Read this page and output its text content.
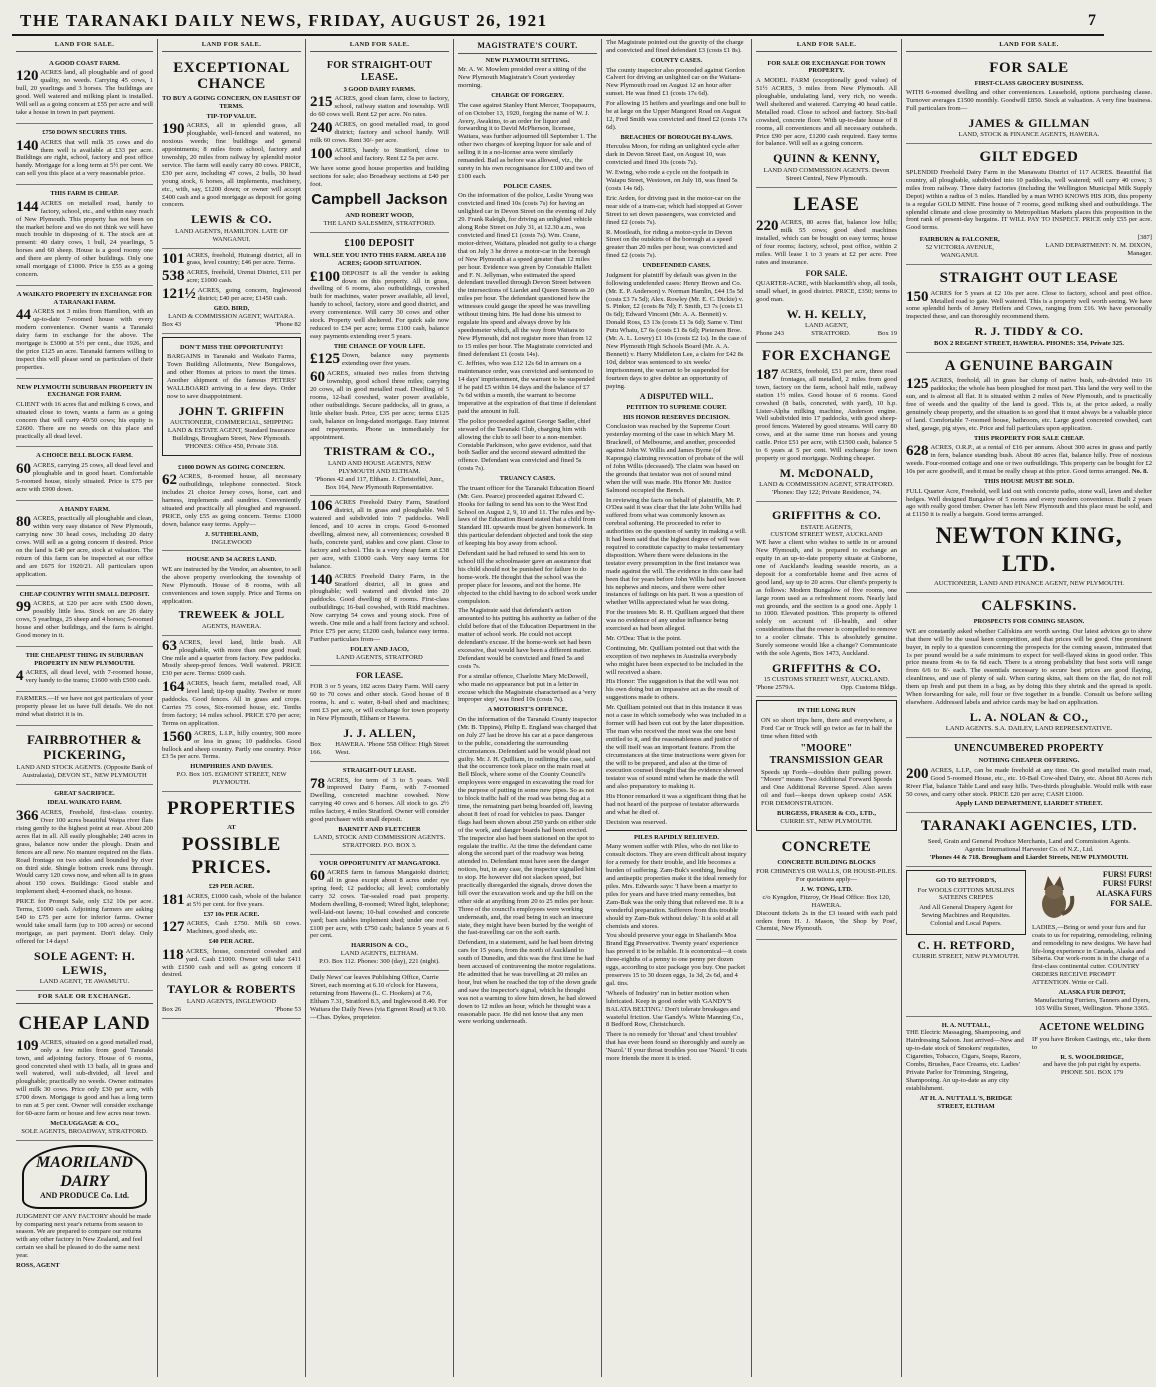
THE TARANAKI DAILY NEWS, FRIDAY, AUGUST 26, 1921	7
LAND FOR SALE.
A GOOD COAST FARM.

120 ACRES land, all ploughable and of good quality, no weeds. Carrying 45 cows, 1 bull, 20 yearlings and 3 horses. The buildings are good. Well watered and milking plant is installed. Will sell as a going concern at £55 per acre and will take a house in town in part payment.

£750 DOWN SECURES THIS.

140 ACRES that will milk 35 cows and do them well is available at £33 per acre. Buildings are right, school, factory and post office handy. Mortgage for a long term at 5½ per cent. We can sell you this place at a very reasonable price.

THIS FARM IS CHEAP.

144 ACRES on metalled road, handy to factory, school, etc., and within easy reach of New Plymouth. This property has not been on the market before and we do not think we will have much trouble in disposing of it. The stock are at present: 40 dairy cows, 1 bull, 24 yearlings, 5 horses and 60 sheep. House is a good roomy one and there are plenty of other buildings. Only one small mortgage of £1000. Price is £55 as a going concern.

A WAIKATO PROPERTY IN EXCHANGE FOR A TARANAKI FARM.

44 ACRES not 3 miles from Hamilton, with an up-to-date 7-roomed house with every modern convenience. Owner wants a Taranaki dairy farm in exchange for the above. The mortgage is £3000 at 5½ per cent., due 1926, and the price £125 an acre. Taranaki farmers willing to inspect this will please send us particulars of their properties.

NEW PLYMOUTH SUBURBAN PROPERTY IN EXCHANGE FOR FARM.

CLIENT with 16 acres flat and milking 6 cows, and situated close to town, wants a farm as a going concern that will carry 40/50 cows; his equity is £2600. There are no weeds on this place and practically all dead level.

A CHOICE BELL BLOCK FARM.

60 ACRES, carrying 25 cows, all dead level and ploughable and in good heart. Comfortable 5-roomed house, nicely situated. Price is £75 per acre with £900 down.

A HANDY FARM.

80 ACRES, practically all ploughable and clean, within very easy distance of New Plymouth, carrying now 30 head cows, including 20 dairy cows. Will sell as a going concern if desired. Price on the land is £40 per acre, stock at valuation. The return of this farm can be inspected at our office and are £675 for 1920/21. All particulars upon application.

CHEAP COUNTRY WITH SMALL DEPOSIT.

99 ACRES, at £20 per acre with £500 down, possibly little less. Stock on are 26 dairy cows, 5 yearlings, 25 sheep and 4 horses; 5-roomed house and other buildings, and the farm is alright. Good money in it.

THE CHEAPEST THING IN SUBURBAN PROPERTY IN NEW PLYMOUTH.

4 ACRES, all dead level, with 7-roomed house, very handy to the trams; £1600 with £500 cash.

FARMERS.—If we have not got particulars of your property please let us have full details. We do not mind what district it is in.

FAIRBROTHER & PICKERING,
LAND AND STOCK AGENTS. (Opposite Bank of Australasia), DEVON ST., NEW PLYMOUTH
GREAT SACRIFICE.
IDEAL WAIKATO FARM.

366 ACRES, Freehold, first-class country. Over 100 acres beautiful Waipa river flats rising gently to the highest point at rear. About 200 acres flat in all. All easily ploughable; 240 acres in grass, balance now under the plough. Drain and fences are all new. No manure required on the flats. Road frontage on two sides and bounded by river on third side. Shingle bottom creek runs through. Would carry 120 cows now, and when all is in grass about 150 cows. Buildings: Good stable and implement shed; 4-roomed shack, no house.

PRICE for Prompt Sale, only £32 10s per acre. Terms, £1000 cash. Adjoining farmers are asking £40 to £75 per acre for inferior farms. Owner would take small farm (up to 100 acres) or second mortgage, as part payment. Don't delay. Only offered for 14 days!

SOLE AGENT: H. LEWIS,
LAND AGENT, TE AWAMUTU.
FOR SALE OR EXCHANGE.
CHEAP LAND

109 ACRES, situated on a good metalled road, only a few miles from good Taranaki town, and adjoining factory. House of 6 rooms, good concreted shed with 13 bails, all in grass and well watered, well sub-divided, all level and ploughable; practically no weeds. Owner estimates will milk 30 cows. Price only £30 per acre, with £700 down. Mortgage is good and has a long term to run at 5 per cent. Owner will consider exchange for 60-acre farm or house and few acres near town.

McCLUGGAGE & CO.,
SOLE AGENTS, BROADWAY, STRATFORD.
MAORILAND DAIRY
AND PRODUCE Co. Ltd.

JUDGMENT OF ANY FACTORY should be made by comparing next year's returns from season to season. We are prepared to compare our returns with any other factory in New Zealand, and feel certain we shall be pleased to do the same next year.

ROSS, AGENT

LAND FOR SALE.
EXCEPTIONAL CHANCE
TO BUY A GOING CONCERN, ON EASIEST OF TERMS.
TIP-TOP VALUE.

190 ACRES, all in splendid grass, all ploughable, well-fenced and watered, no noxious weeds; fine buildings and general appointments; 8 miles from school, factory and township, 20 miles from railway by splendid motor service. The farm will easily carry 80 cows. PRICE, £30 per acre, including 47 cows, 2 bulls, 30 head young stock, 6 horses, all implements, machinery, etc., with, say, £1200 down; or owner will accept £400 cash and a good mortgage as deposit for going concern.

LEWIS & CO.
LAND AGENTS, HAMILTON. LATE OF WANGANUI.

101 ACRES, freehold, Huirangi district, all in grass, level country; £46 per acre. Terms.

538 ACRES, freehold, Urenui District, £11 per acre; £1000 cash.

121½ ACRES, going concern, Inglewood district; £40 per acre; £1450 cash.

GEO. BIRD,
LAND & COMMISSION AGENT, WAITARA.
Box 43	'Phone 82
DON'T MISS THE OPPORTUNITY!

BARGAINS in Taranaki and Waikato Farms, Town Building Allotments, New Bungalows, and other Homes at prices to meet the times. Another shipment of the famous PETERS' WALLBOARD arriving in a few days. Order now to save disappointment.

JOHN T. GRIFFIN
AUCTIONEER, COMMERCIAL, SHIPPING LAND & ESTATE AGENT, Standard Insurance Buildings, Brougham Street, New Plymouth. 'PHONES: Office 450, Private 318.
£1000 DOWN AS GOING CONCERN.

62 ACRES, 8-roomed house, all necessary outbuildings, telephone connected. Stock includes 21 choice Jersey cows, horse, cart and harness, implements and sundries. Conveniently situated and practically all ploughed and regrassed. PRICE, only £55 as going concern. Terms: £1000 down, balance easy terms. Apply—

J. SUTHERLAND,
INGLEWOOD
HOUSE AND 34 ACRES LAND.

WE are instructed by the Vendor, an absentee, to sell the above property overlooking the township of New Plymouth. House of 8 rooms, with all conveniences and town supply. Price and Terms on application.

TREWEEK & JOLL
AGENTS, HAWERA.

63 ACRES, level land, little bush. All ploughable, with more than one good road; One mile and a quarter from factory. Few paddocks. Mostly sheep-proof fences. Well watered. PRICE £30 per acre. Terms: £600 cash.

164 ACRES, beach farm, metalled road, All level land; tip-top quality. Twelve or more paddocks. Good fences. All in grass and crops. Carries 75 cows, Six-roomed house, etc. Tenths from factory; 14 miles school. PRICE £70 per acre; Terms on application.

1560 ACRES, L.I.P., hilly country, 900 more or less in grass; 10 paddocks. Good bullock and sheep country. Partly one country. Price £3 5s per acre. Terms.

HUMPHRIES AND DAVIES.
P.O. Box 105. EGMONT STREET, NEW PLYMOUTH.
PROPERTIES
AT
POSSIBLE PRICES.
£29 PER ACRE.

181 ACRES, £1000 cash, whole of the balance at 5½ per cent. for five years.

£37 10s PER ACRE.

127 ACRES, Cash £750. Milk 60 cows. Machines, good sheds, etc.

£40 PER ACRE.

118 ACRES, house, concreted cowshed and yard. Cash £1000. Owner will take £411 with £1500 cash and sell as going concern if desired.

TAYLOR & ROBERTS
LAND AGENTS, INGLEWOOD
Box 26	'Phone 53
LAND FOR SALE.
FOR STRAIGHT-OUT LEASE.
3 GOOD DAIRY FARMS.

215 ACRES, good clean farm, close to factory, school, railway station and township. Will do 60 cows well. Rent £2 per acre. No rates.

240 ACRES, on good metalled road, in good district; factory and school handy. Will milk 60 cows. Rent 30/- per acre.

100 ACRES, handy to Stratford, close to school and factory. Rent £2 5s per acre.

We have some good house properties and building sections for sale; also Broadway sections at £40 per foot.

Campbell Jackson
AND ROBERT WOOD,
THE LAND SALESMEN, STRATFORD.
£100 DEPOSIT
WILL SEE YOU INTO THIS FARM. AREA 110 ACRES; GOOD SITUATION.

£100 DEPOSIT is all the vendor is asking down on this property. All in grass, dwelling of 6 rooms, also outbuildings, cowshed built for machines, water power available, all level, handy to school, factory, store and good district, and every convenience. Will carry 30 cows and other stock. Property well sheltered. For quick sale now reduced to £34 per acre; terms £100 cash, balance easy payments extending over 5 years.

THE CHANCE OF YOUR LIFE.

£125 Down, balance easy payments extending over five years.

60 ACRES, situated two miles from thriving township, good school three miles; carrying 20 cows, all in good metalled road. Dwelling of 5 rooms, 12-bail cowshed, water power available, other outbuildings. Secure paddocks, all in grass, a little shelter bush. Price, £35 per acre; terms £125 cash, balance on long-dated mortgage. Easy interest and repayments. Phone us immediately for appointment.

TRISTRAM & CO.,
LAND AND HOUSE AGENTS, NEW PLYMOUTH AND ELTHAM.
'Phones 42 and 117, Eltham. J. Christoffel, Junr., Box 164, New Plymouth Representative.

106 ACRES Freehold Dairy Farm, Stratford district, all in grass and ploughable. Well watered and subdivided into 7 paddocks. Well fenced, and 10 acres in crops. Good 6-roomed dwelling, almost new, all conveniences; cowshed 8 bails, concrete yard, stables and cow plant. Close to factory and school. This is a very cheap farm at £38 per acre, with £1000 cash. Very easy terms for balance.

140 ACRES Freehold Dairy Farm, in the Stratford district, all in grass and ploughable; well watered and divided into 20 paddocks. Good dwelling of 8 rooms. First-class outbuildings; 16-bail cowshed, with Ridd machines. Now carrying 54 cows and young stock. Free of weeds. One mile and a half from factory and school. Price £75 per acre; £1200 cash, balance easy terms. Further particulars from—

FOLEY AND JACO,
LAND AGENTS, STRATFORD
FOR LEASE.

FOR 3 or 5 years, 182 acres Dairy Farm. Will carry 60 to 70 cows and other stock. Good house of 8 rooms, h. and c. water, 8-bail shed and machines; rent £3 per acre, or will exchange for town property in New Plymouth, Eltham or Hawera.

J. J. ALLEN,
Box 166.
HAWERA. 'Phone 558 Office: High Street West.
STRAIGHT-OUT LEASE.

78 ACRES, for term of 3 to 5 years. Well improved Dairy Farm, with 7-roomed Dwelling, concreted machine cowshed. Now carrying 40 cows and 6 horses. All stock to go. 2½ miles factory, 4 miles Stratford. Owner will consider good purchaser with small deposit.

BARNITT AND FLETCHER
LAND, STOCK AND COMMISSION AGENTS.
STRATFORD. P.O. BOX 3.
YOUR OPPORTUNITY AT MANGATOKI.

60 ACRES farm in famous Mangatoki district; all in grass except about 8 acres under rye spring feed; 12 paddocks; all level; comfortably carry 32 cows. Tar-sealed road past property. Modern dwelling, 8-roomed; Wired light, telephone; well-laid-out lawns; 10-bail cowshed and concrete yard; barn stables implement shed; under one roof. £100 per acre, with £750 cash; balance 5 years at 6 per cent.

HARRISON & CO.,
LAND AGENTS, ELTHAM.
P.O. Box 112. Phones: 300 (day), 221 (night).

Daily News' car leaves Publishing Office, Currie Street, each morning at 6.10 o'clock for Hawera, returning from Hawera (L. C. Hookers) at 7.6, Eltham 7.31, Stratford 8.3, and Inglewood 8.40. For Waitara the Daily News (via Egmont Road) at 9.10.—Chas. Dykes, proprietor.

MAGISTRATE'S COURT.
NEW PLYMOUTH SITTING.

Mr. A. W. Mowlem presided over a sitting of the New Plymouth Magistrate's Court yesterday morning.

CHARGE OF FORGERY.

The case against Stanley Hunt Mercer, Toopapaurrs, of on October 13, 1920, forging the name of W. J. Avery, Awakino, to an order for liquor and forwarding it to David McPherson, licensee, Waitara, was further adjourned till September 1. The other two charges of keeping liquor for sale and of selling it in a no-license area were similarly remanded. Bail as before was allowed, viz., the surety in his own recognisance for £100 and two of £100 each.

POLICE CASES.

On the information of the police, Leslie Young was convicted and fined 10s (costs 7s) for having an unlighted car in Devon Street on the evening of July 29. Frank Raleigh, for driving an unlighted vehicle along Robe Street on July 31, at 12.30 a.m., was convicted and fined £1 (costs 7s). Wm. Crane, motor-driver, Waitara, pleaded not guilty to a charge that on July 3 he drove a motor-car in the borough of New Plymouth at a speed greater than 12 miles per hour. Evidence was given by Constable Hallett and F. N. Jellyman, who estimated the speed defendant travelled through Devon Street between the intersections of Liardet and Queen Streets as 20 miles per hour. The defendant questioned how the witnesses could gauge the speed he was travelling without timing him. He had done his utmost to regulate his speed and always drove by his speedometer which, all the way from Waitara to New Plymouth, did not register more than from 12 to 15 miles per hour. The Magistrate convicted and fined defendant £1 (costs 14s).

C. Jeffries, who was £12 12s 6d in arrears on a maintenance order, was convicted and sentenced to 14 days' imprisonment, the warrant to be suspended if he paid £5 within 14 days and the balance of £7 7s 6d within a month, the warrant to become imperative at the expiration of that time if defendant paid the amount in full.

The police proceeded against George Sadler, chief steward of the Taranaki Club, charging him with allowing the club to sell beer to a non-member. Constable Parkinson, who gave evidence, said that both Sadler and the second steward admitted the offence. Defendant was convicted and fined 5s (costs 7s).

TRUANCY CASES.

The truant officer for the Taranaki Education Board (Mr. Geo. Pearce) proceeded against Edward C. Hooks for failing to send his son to the West End School on August 2, 9, 10 and 11. The rules and by-laws of the Education Board stated that a child from Standard III. upwards must be given homework. In this particular defendant objected and took the step of keeping his boy away from school.

Defendant said he had refused to send his son to school till the schoolmaster gave an assurance that his child should not be punished for failure to do home-work. He thought that the school was the proper place for lessons, and not the home. He objected to the child having to do school work under compulsion.

The Magistrate said that defendant's action amounted to his putting his authority as father of the child before that of the Education Department in the matter of school work. He could not accept defendant's excuse. If the home-work set had been excessive, that would have been a different matter. Defendant would be convicted and fined 5s and costs 7s.

For a similar offence, Charlotte Mary McDowell, who made no appearance but put in a letter in excuse which the Magistrate characterised as a 'very improper step', was fined 10s (costs 7s).

A MOTORIST'S OFFENCE.

On the information of the Taranaki County inspector (Mr. B. Tippins), Philip E. England was charged that on July 27 last he drove his car at a pace dangerous to the public, considering the surrounding circumstances. Defendant said he would plead not guilty. Mr. J. H. Quilliam, in outlining the case, said that the occurrence took place on the main road at Bell Block, where some of the County Council's employees were engaged in excavating the road for the purpose of putting in some new pipes. So as not to block traffic half of the road was being dug at a time, the remaining part being boarded off, leaving about 8 feet of road for vehicles to pass. Danger flags had been shown about 250 yards on either side of the work, and danger boards had been erected. The inspector also had been stationed on the spot to regulate the traffic. At the time the defendant came along the second part of the roadway was being attended to. Defendant must have seen the danger notices, but, in any case, the inspector signalled him to stop. He however did not slacken speed, but practically disregarded the signals, drove down the hill over the excavation work and up the hill on the other side at anything from 20 to 25 miles per hour. Three of the council's employees were working underneath, and, the road being in such an insecure state, they might have been buried by the weight of the fast-travelling car on the soft earth.

Defendant, in a statement, said he had been driving cars for 15 years, from the north of Auckland to south of Dunedin, and this was the first time he had been accused of contravening the motor regulations. He admitted that he was travelling at 20 miles an hour, but when he reached the top of the down grade and saw the inspector's signal, which he thought was not a warning to slow him down, he had slowed down to 12 miles an hour, which he thought was a reasonable pace. He did not know that any men were working underneath.

The Magistrate pointed out the gravity of the charge and convicted and fined defendant £3 (costs £1 8s).

COUNTY CASES.

The county inspector also proceeded against Gordon Calvert for driving an unlighted car on the Waitara-New Plymouth road on August 12 an hour after sunset. He was fined £1 (costs 17s 6d).

For allowing 15 heifers and yearlings and one bull to be at large on the Upper Mangorei Road on August 12, Fred Smith was convicted and fined £2 (costs 17s 6d).

BREACHES OF BOROUGH BY-LAWS.

Herculea Moon, for riding an unlighted cycle after dark in Devon Street East, on August 10, was convicted and fined 10s (costs 7s).

W. Ewing, who rode a cycle on the footpath in Waiapu Street, Westown, on July 18, was fined 5s (costs 14s 6d).

Eric Arden, for driving past in the motor-car on the near side of a tram-car, which had stopped at Gover Street to set down passengers, was convicted and fined £2 (costs 7s).

R. Mostleath, for riding a motor-cycle in Devon Street on the outskirts of the borough at a speed greater than 20 miles per hour, was convicted and fined £2 (costs 7s).

UNDEFENDED CASES.

Judgment for plaintiff by default was given in the following undefended cases: Henry Brown and Co. (Mr. E. P. Anderson) v. Norman Hamlin, £44 15s 5d (costs £3 7s 5d); Alex. Rowley (Mr. E. C. Dickie) v. S. Pinker, £2 (costs 8s 7d); F. Smith, £3 7s (costs £1 0s 6d); Edward Vincent (Mr. A. A. Bennett) v. Donald Ross, £3 13s (costs £1 3s 6d); Same v. Timi Putu Whatu, £7 6s (costs £1 8s 6d); Pietersen Broe. (Mr. A. L. Lowry) £1 10s (costs £2 1s). In the case of New Plymouth High Schools Board (Mr. A. A. Bennett) v. Harry Middleton Lee, a claim for £42 8s 10d, debtor was sentenced to six weeks' imprisonment, the warrant to be suspended for fourteen days to give debtor an opportunity of paying.

A DISPUTED WILL.
PETITION TO SUPREME COURT.
HIS HONOR RESERVES DECISION.

Conclusion was reached by the Supreme Court yesterday morning of the case in which Mary M. Bracknell, of Melbourne, and another, proceeded against John W. Willis and James Byrne (of Kaponga) claiming revocation of probate of the will of John Willis (deceased). The claim was based on the grounds that testator was not of sound mind when the will was made. His Honor Mr. Justice Salmond occupied the Bench.

In reviewing the facts on behalf of plaintiffs, Mr. P. O'Dea said it was clear that the late John Willis had suffered from what was commonly known as cerebral softening. He proceeded to refer to authorities on the question of sanity in making a will. It had been said that the highest degree of will was required to constitute capacity to make testamentary disposition. Where there were delusions in the testator every presumption in the first instance was made against the will. The evidence in this case had been that for years before John Willis had not known his nephews and nieces, and there were other instances of failings on his part. It was a question of whether Willis appreciated what he was doing.

For the trustees Mr. R. H. Quilliam argued that there was no evidence of any undue influence being exercised as had been alleged.

Mr. O'Dea: That is the point.

Continuing, Mr. Quilliam pointed out that with the exception of two nephews in Australia everybody who might have been expected to be included in the will received a share.

His Honor: The suggestion is that the will was not his own doing but an impassive act as the result of suggestions made to others.

Mr. Quilliam pointed out that in this instance it was not a case in which somebody who was included in a former will had been cut out by the later disposition. The man who received the most was the one best entitled to it, and the reasonableness and justice of the will itself was an important feature. From the circumstances at the time instructions were given for the will to be prepared, and also at the time of execution counsel thought that the evidence showed testator was of sound mind when he made the will and also preparatory to making it.

His Honor remarked it was a significant thing that he had not heard of the purpose of testator afterwards and what he died of.

Decision was reserved.

PILES RAPIDLY RELIEVED.

Many women suffer with Piles, who do not like to consult doctors. They are even difficult about inquiry for a remedy for their trouble, and life becomes a burden of suffering. Zam-Buk's soothing, healing and antiseptic properties make it the ideal remedy for piles. Mrs. Edwards says: 'I have been a martyr to piles for years and have tried many remedies, but Zam-Buk was the only thing that relieved me. It is a wonderful preparation. Sufferers from this trouble should try Zam-Buk without delay.' It is sold at all chemists and stores.

You should preserve your eggs in Shailand's Moa Brand Egg Preservative. Twenty years' experience has proved it to be reliable. It is economical—it costs three-eighths of a penny to one penny per dozen eggs, according to size package you buy. One packet preserves 15 to 30 dozen eggs, 1s 3d, 2s 6d, and 4 gal. tins.

'Wheels of Industry' run in better motion when lubricated. Keep in good order with 'GANDY'S BALATA BELTING.' Don't tolerate breakages and wasteful friction. Use Gandy's. White Manning Co., 8 Bedford Row, Christchurch.

There is no remedy for 'throat' and 'chest troubles' that has ever been found so thoroughly and surely as 'Nazol.' If your throat troubles you use 'Nazol.' It cuts more friends the more it is tried.

LAND FOR SALE.
FOR SALE OR EXCHANGE FOR TOWN PROPERTY.

A MODEL FARM (exceptionally good value) of 51½ ACRES, 3 miles from New Plymouth. All ploughable, undulating land, very rich, no weeds. Well sheltered and watered. Carrying 40 head cattle. Metalled road. Close to school and factory. Six-bail cowshed, concrete floor. With up-to-date house of 8 rooms, all conveniences and all necessary outsheds. Price £90 per acre, £1200 cash required. Easy terms for balance. Will sell as a going concern.

QUINN & KENNY,
LAND AND COMMISSION AGENTS. Devon Street Central, New Plymouth.
LEASE

220 ACRES, 80 acres flat, balance low hills; milk 55 cows; good shed machines installed, which can be bought on easy terms; house of four rooms; factory, school, post office, within 2 miles. Will lease 1 to 3 years at £2 per acre. Free rates and insurance.

FOR SALE.

QUARTER-ACRE, with blacksmith's shop, all tools, small wharf, in good district. PRICE, £350; terms to good man.

W. H. KELLY,
LAND AGENT,
Phone 243	STRATFORD.	Box 19
FOR EXCHANGE

187 ACRES, freehold, £51 per acre, three road frontages, all metalled, 2 miles from good town, factory on the farm, school half mile, railway station 1½ miles. Good house of 6 rooms. Good cowshed (8 bails, concreted, with yard), 10 h.p. Lister-Alpha milking machine, Anderson engine. Well subdivided into 17 paddocks, with good sheep-proof fences. Watered by good streams. Will carry 80 cows, and at the same time run horses and young cattle. Price £51 per acre, with £1500 cash, balance 5 to 6 years at 5 per cent. Will exchange for town property or good mortgage. Nothing cheaper.

M. McDONALD,
LAND & COMMISSION AGENT, STRATFORD.
'Phones: Day 122; Private Residence, 74.
GRIFFITHS & CO.
ESTATE AGENTS,
CUSTOM STREET WEST, AUCKLAND

WE have a client who wishes to settle in or around New Plymouth, and is prepared to exchange an equity in an up-to-date property situate at Gisborne, one of Auckland's leading seaside resorts, as a deposit for a comfortable home and five acres of good land, say up to 20 acres. Our client's property is as follows: Modern Bungalow of five rooms, one large room used as a refreshment room. Nearly laid out grounds, and the section is a good one. Apply 1 to 1000. Elevated position. This property is offered solely on account of ill-health, and other considerations that the owner is compelled to remove to a cooler climate. This is absolutely genuine. Surely someone would like a change? Communicate with the sole Agents, Box 1473, Auckland.

GRIFFITHS & CO.
15 CUSTOMS STREET WEST, AUCKLAND.
'Phone 2579A.	Opp. Customs Bldgs.
IN THE LONG RUN

ON so short trips here, there and everywhere, a Ford Car or Truck will go twice as far in half the time when fitted with

"MOORE" TRANSMISSION GEAR

Speeds up Fords—doubles their pulling power. "Moore" means Two Additional Forward Speeds and One Additional Reverse Speed. Also saves oil and fuel—keeps down upkeep costs! ASK FOR DEMONSTRATION.

BURGESS, FRASER & CO., LTD.,
CURRIE ST., NEW PLYMOUTH.
CONCRETE
CONCRETE BUILDING BLOCKS

FOR CHIMNEYS OR WALLS, OR HOUSE-PILES. For quotations apply—

J. W. TONG, LTD.
c/o Kyngdon, Fitzroy, Or Head Office: Box 120, HAWERA.

Discount tickets 2s in the £3 issued with each paid orders from H. J. Mason, 'the Shop by Post', Chemist, New Plymouth.

LAND FOR SALE.
FOR SALE
FIRST-CLASS GROCERY BUSINESS.

WITH 6-roomed dwelling and other conveniences. Leasehold, options purchasing clause. Turnover averages £1500 monthly. Goodwill £850. Stock at valuation. A very fine business. Full particulars from—

JAMES & GILLMAN
LAND, STOCK & FINANCE AGENTS, HAWERA.
GILT EDGED

SPLENDID Freehold Dairy Farm in the Manawatu District of 117 ACRES. Beautiful flat country, all ploughable, subdivided into 10 paddocks, well watered; will carry 40 cows; 3 miles from railway. Three dairy factories (including the Wellington Municipal Milk Supply Depot) within a radius of 3 miles. Handled by a man WHO KNOWS HIS JOB, this property is a regular GOLD MINE. Fine house of 7 rooms, good milking shed and outbuildings. The splendid climate and close proximity to Metropolitan Markets places this proposition in the front rank of present-day bargains. IT WILL PAY TO INSPECT. PRICE only £55 per acre. Good terms.

FAIRBURN & FALCONER,
52 VICTORIA AVENUE, WANGANUI.
[387]
LAND DEPARTMENT: N. M. DIXON, Manager.
STRAIGHT OUT LEASE

150 ACRES for 5 years at £2 10s per acre. Close to factory, school and post office. Metalled road to gate. Well watered. This is a property well worth seeing. We have some splendid herds of Jersey Heifers and Cows, ranging from £16. We have personally inspected these, and can thoroughly recommend them.

R. J. TIDDY & CO.
BOX 2 REGENT STREET, HAWERA. PHONES: 354, Private 325.
A GENUINE BARGAIN

125 ACRES, freehold, all in grass bar clump of native bush, sub-divided into 16 paddocks; the whole has been ploughed for most part. This land the very well to the sun, and is almost all flat. It is situated within 2 miles of New Plymouth, and is practically free of weeds and the quality of the land is good. This is, at the price asked, a really genuinely cheap property, and the situation is so good that it must always be a valuable piece of land. Comfortable 7-roomed house, bathroom, etc. Large good concreted cowshed, cart shed, garage, pig styes, etc. Price and full particulars upon application.

THIS PROPERTY FOR SALE CHEAP.

628 ACRES, O.R.P., at a rental of £16 per annum. About 300 acres in grass and partly in fern, balance standing bush. About 80 acres flat, balance hilly. Free of noxious weeds. Four-roomed cottage and one or two outbuildings. This property can be bought for £2 10s per acre goodwill, and it must be really cheap at this price. Good terms arranged. No. 8.

THIS HOUSE MUST BE SOLD.

FULL Quarter Acre, Freehold, well laid out with concrete paths, stone wall, lawn and shelter hedges. Well designed Bungalow of 5 rooms and every modern convenience. Built 2 years ago with really good timber. Owner has left New Plymouth and this place must be sold, and at £1150 it is really a bargain. Good terms arranged.

NEWTON KING, LTD.
AUCTIONEER, LAND AND FINANCE AGENT, NEW PLYMOUTH.
CALFSKINS.
PROSPECTS FOR COMING SEASON.

WE are constantly asked whether Calfskins are worth saving. Our latest advices go to show that there will be the usual keen competition, and that prices will be good. One prominent buyer, in reply to a question concerning the prospects for the coming season, intimated that 1s per pound would be a safe minimum to expect for well-flayed skins in good order. This price means from 4s to 6s 6d each. There is a strong probability that best sorts will range from 6/6 to 8/- each. The essentials necessary to secure best prices are good flaying, cleanliness, and use of plenty of salt. When curing skins, salt them on the flat, do not roll them up fresh and put them in a bag, as by doing this they shrink and the spread is spoilt. When forwarding for sale, roll four or five together in a bundle. Consult us before selling elsewhere. Addressed labels and advice cards may be had on application.

L. A. NOLAN & CO.,
LAND AGENTS. S.A. DAILEY, LAND REPRESENTATIVE.
UNENCUMBERED PROPERTY
NOTHING CHEAPER OFFERING.

200 ACRES, L.I.P., can be made freehold at any time. On good metalled main road, Good 5-roomed House, etc., etc. 10-Bail Cow-shed Dairy, etc. About 80 Acres rich River Flat, balance Table Land and easy hills. Two-thirds ploughable. Would milk with ease 50 cows, and carry other stock. PRICE £20 per acre; CASH £1000.

Apply LAND DEPARTMENT, LIARDET STREET.
TARANAKI AGENCIES, LTD.
Seed, Grain and General Produce Merchants, Land and Commission Agents.
Agents: International Harvester Co. of N.Z., Ltd.
'Phones 44 & 718. Brougham and Liardet Streets, NEW PLYMOUTH.
GO TO RETFORD'S,

For WOOLS COTTONS MUSLINS SATEENS CREPES

And All General Drapery Agent for Sewing Machines and Requisites. Colonial and Local Papers.

C. H. RETFORD,
CURRIE STREET, NEW PLYMOUTH.
FURS! FURS!
FURS! FURS!
ALASKA FURS
FOR SALE.

LADIES,—Bring or send your furs and fur coats to us for repairing, remodeling, relining and remodeling to new designs. We have had life-long experience in Canada, Alaska and Siberia. Our work-room is in the charge of a first-class continental cutter. COUNTRY ORDERS RECEIVE PROMPT ATTENTION. Write or Call.

ALASKA FUR DEPOT,
Manufacturing Furriers, Tanners and Dyers, 103 Willis Street, Wellington. 'Phone 3365.
H. A. NUTTALL,

THE Electric Massaging, Shampooing, and Hairdressing Saloon. Just arrived—New and up-to-date stock of Smokers' requisites, Cigarettes, Tobacco, Cigars, Soaps, Razors, Combs, Brushes, Face Creams, etc. Ladies' Private Parlor for Trimming, Singeing, Shampooing. An up-to-date as any city establishment.

AT H. A. NUTTALL'S, BRIDGE STREET, ELTHAM
ACETONE WELDING

IF you have Broken Castings, etc., take them to

R. S. WOOLDRIDGE,
and have the job put right by experts. PHONE 501. BOX 179
